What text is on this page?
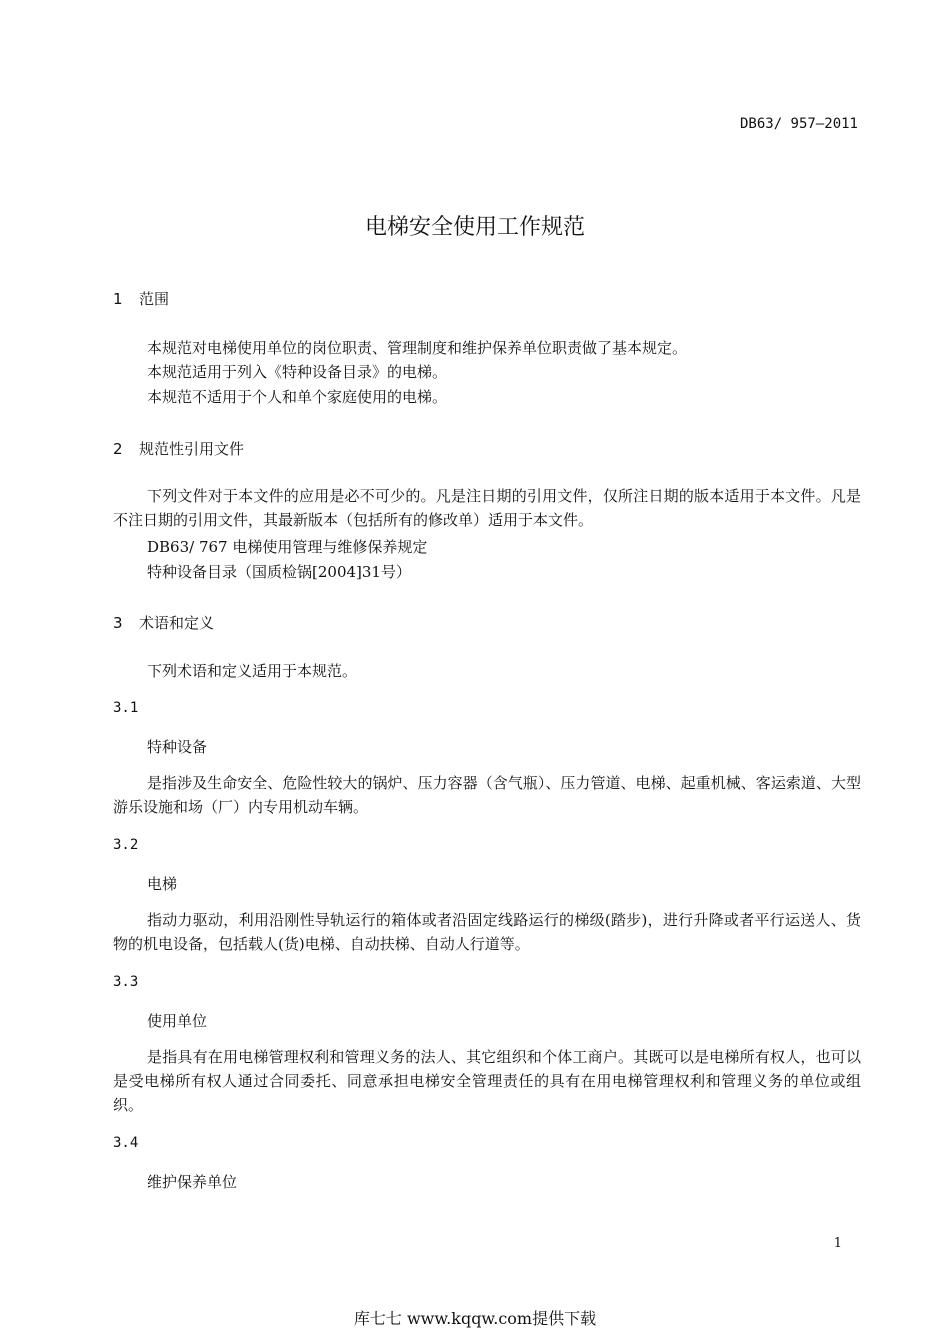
DB63/ 957—2011
电梯安全使用工作规范
1 范围
本规范对电梯使用单位的岗位职责、管理制度和维护保养单位职责做了基本规定。
本规范适用于列入《特种设备目录》的电梯。
本规范不适用于个人和单个家庭使用的电梯。
2 规范性引用文件

下列文件对于本文件的应用是必不可少的。凡是注日期的引用文件，仅所注日期的版本适用于本文件。凡是不注日期的引用文件，其最新版本（包括所有的修改单）适用于本文件。

DB63/ 767 电梯使用管理与维修保养规定
特种设备目录（国质检锅[2004]31号）
3 术语和定义
下列术语和定义适用于本规范。
3.1
特种设备

是指涉及生命安全、危险性较大的锅炉、压力容器（含气瓶）、压力管道、电梯、起重机械、客运索道、大型游乐设施和场（厂）内专用机动车辆。

3.2
电梯

指动力驱动，利用沿刚性导轨运行的箱体或者沿固定线路运行的梯级(踏步)，进行升降或者平行运送人、货物的机电设备，包括载人(货)电梯、自动扶梯、自动人行道等。

3.3
使用单位

是指具有在用电梯管理权利和管理义务的法人、其它组织和个体工商户。其既可以是电梯所有权人，也可以是受电梯所有权人通过合同委托、同意承担电梯安全管理责任的具有在用电梯管理权利和管理义务的单位或组织。

3.4
维护保养单位
1
库七七 www.kqqw.com提供下载
